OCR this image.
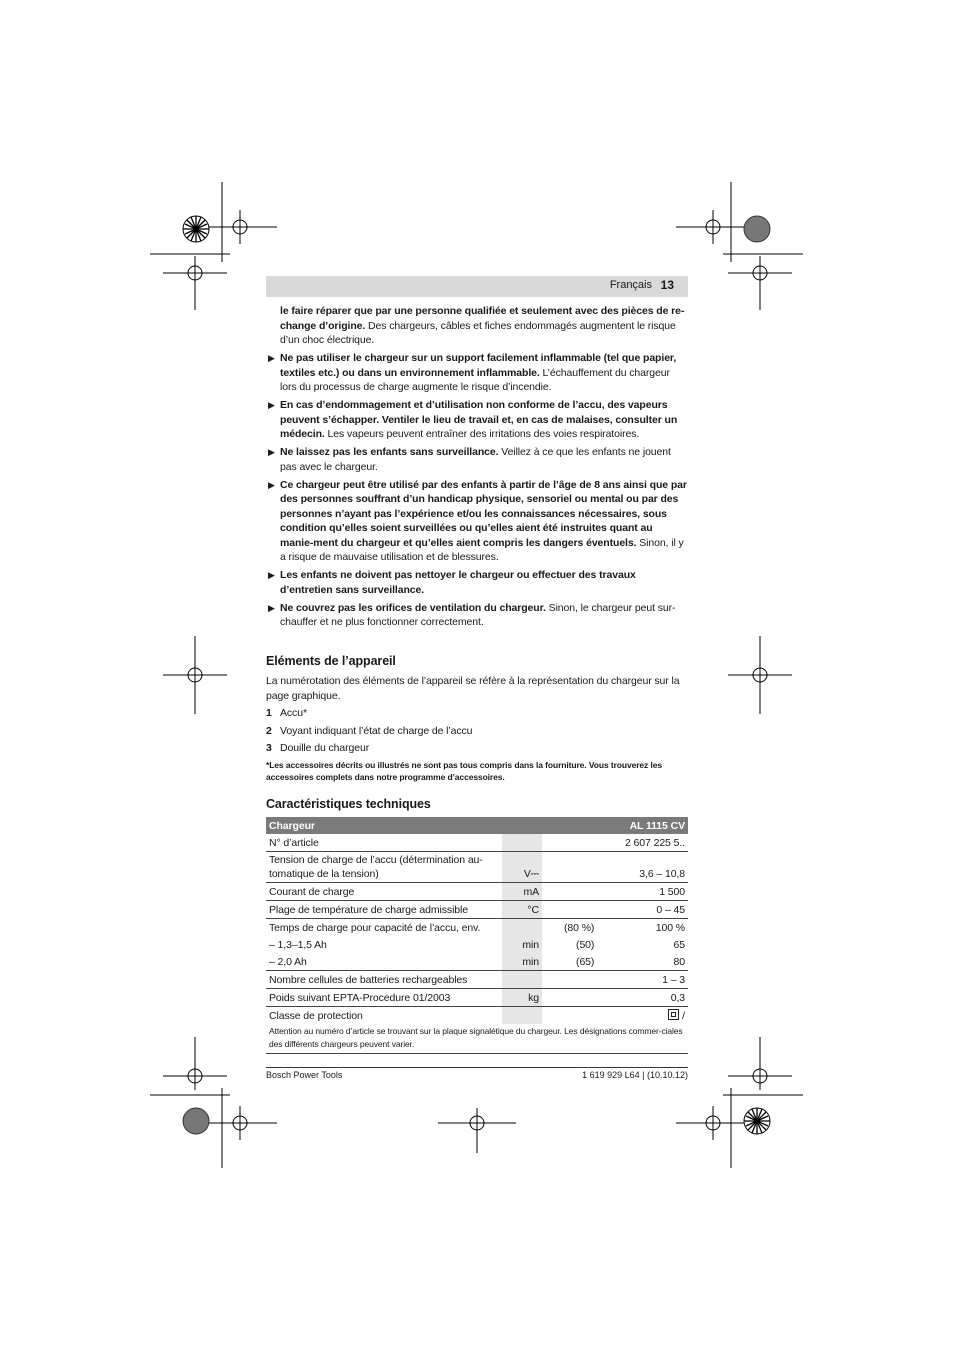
Français 13
le faire réparer que par une personne qualifiée et seulement avec des pièces de re-change d’origine. Des chargeurs, câbles et fiches endommagés augmentent le risque d’un choc électrique.
▶ Ne pas utiliser le chargeur sur un support facilement inflammable (tel que papier, textiles etc.) ou dans un environnement inflammable. L’échauffement du chargeur lors du processus de charge augmente le risque d’incendie.
▶ En cas d’endommagement et d’utilisation non conforme de l’accu, des vapeurs peuvent s’échapper. Ventiler le lieu de travail et, en cas de malaises, consulter un médecin. Les vapeurs peuvent entraîner des irritations des voies respiratoires.
▶ Ne laissez pas les enfants sans surveillance. Veillez à ce que les enfants ne jouent pas avec le chargeur.
▶ Ce chargeur peut être utilisé par des enfants à partir de l’âge de 8 ans ainsi que par des personnes souffrant d’un handicap physique, sensoriel ou mental ou par des personnes n’ayant pas l’expérience et/ou les connaissances nécessaires, sous condition qu’elles soient surveillées ou qu’elles aient été instruites quant au manie-ment du chargeur et qu’elles aient compris les dangers éventuels. Sinon, il y a risque de mauvaise utilisation et de blessures.
▶ Les enfants ne doivent pas nettoyer le chargeur ou effectuer des travaux d’entretien sans surveillance.
▶ Ne couvrez pas les orifices de ventilation du chargeur. Sinon, le chargeur peut sur-chauffer et ne plus fonctionner correctement.
Eléments de l’appareil
La numérotation des éléments de l’appareil se réfère à la représentation du chargeur sur la page graphique.
1 Accu*
2 Voyant indiquant l’état de charge de l’accu
3 Douille du chargeur
*Les accessoires décrits ou illustrés ne sont pas tous compris dans la fourniture. Vous trouverez les accessoires complets dans notre programme d’accessoires.
Caractéristiques techniques
Chargeur			AL 1115 CV
N° d’article			2 607 225 5..
Tension de charge de l’accu (détermination au-tomatique de la tension)	V⎓		3,6 – 10,8
Courant de charge	mA		1 500
Plage de température de charge admissible	°C		0 – 45
Temps de charge pour capacité de l’accu, env.		(80 %)	100 %
– 1,3–1,5 Ah	min	(50)	65
– 2,0 Ah	min	(65)	80
Nombre cellules de batteries rechargeables			1 – 3
Poids suivant EPTA-Procedure 01/2003	kg		0,3
Classe de protection			/
Attention au numéro d’article se trouvant sur la plaque signalétique du chargeur. Les désignations commer-ciales des différents chargeurs peuvent varier.			
Bosch Power Tools	1 619 929 L64 | (10.10.12)
